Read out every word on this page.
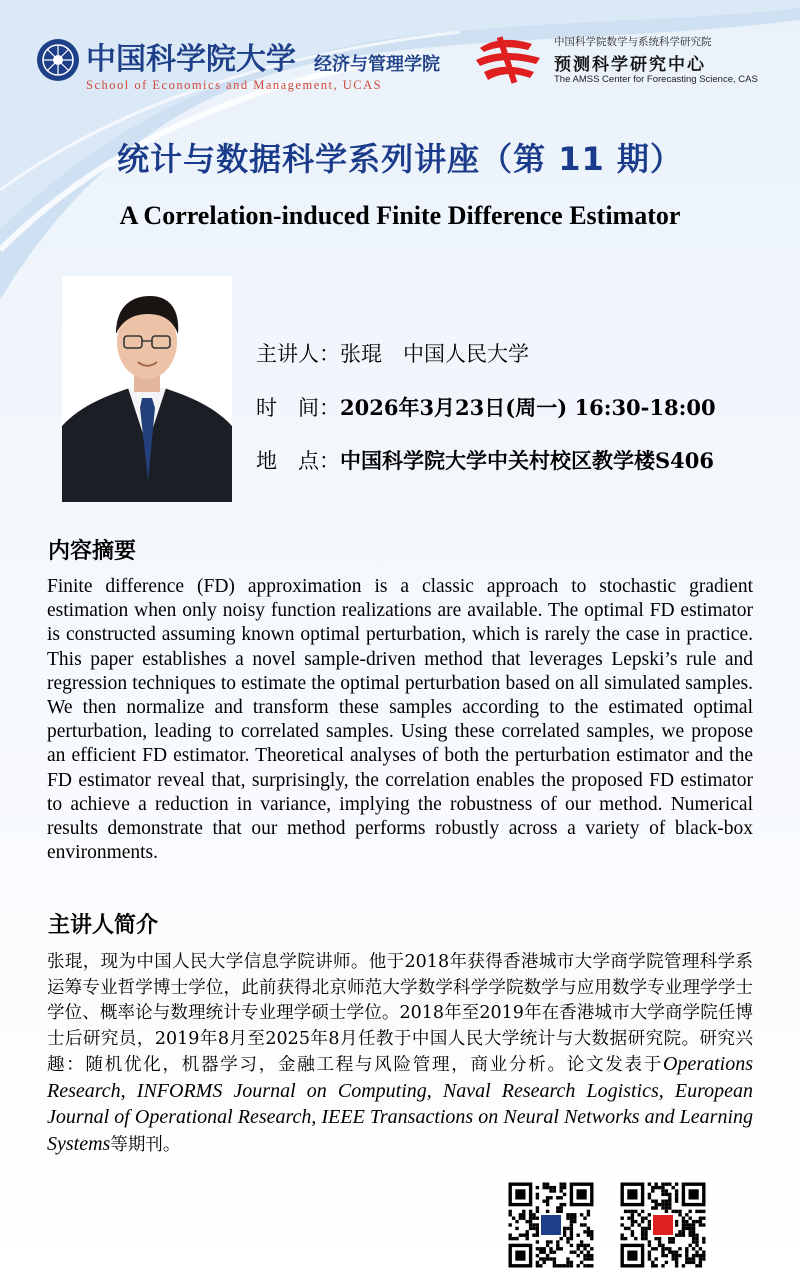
中国科学院大学 经济与管理学院
School of Economics and Management, UCAS
中国科学院数学与系统科学研究院
预测科学研究中心
The AMSS Center for Forecasting Science, CAS
统计与数据科学系列讲座（第 11 期）
A Correlation-induced Finite Difference Estimator
主讲人：张琨　中国人民大学
时　间：2026年3月23日(周一) 16:30-18:00
地　点：中国科学院大学中关村校区教学楼S406
内容摘要
Finite difference (FD) approximation is a classic approach to stochastic gradient estimation when only noisy function realizations are available. The optimal FD estimator is constructed assuming known optimal perturbation, which is rarely the case in practice. This paper establishes a novel sample-driven method that leverages Lepski’s rule and regression techniques to estimate the optimal perturbation based on all simulated samples. We then normalize and transform these samples according to the estimated optimal perturbation, leading to correlated samples. Using these correlated samples, we propose an efficient FD estimator. Theoretical analyses of both the perturbation estimator and the FD estimator reveal that, surprisingly, the correlation enables the proposed FD estimator to achieve a reduction in variance, implying the robustness of our method. Numerical results demonstrate that our method performs robustly across a variety of black-box environments.
主讲人简介
张琨，现为中国人民大学信息学院讲师。他于2018年获得香港城市大学商学院管理科学系运筹专业哲学博士学位，此前获得北京师范大学数学科学学院数学与应用数学专业理学学士学位、概率论与数理统计专业理学硕士学位。2018年至2019年在香港城市大学商学院任博士后研究员，2019年8月至2025年8月任教于中国人民大学统计与大数据研究院。研究兴趣：随机优化，机器学习，金融工程与风险管理，商业分析。论文发表于Operations Research, INFORMS Journal on Computing, Naval Research Logistics, European Journal of Operational Research, IEEE Transactions on Neural Networks and Learning Systems等期刊。
